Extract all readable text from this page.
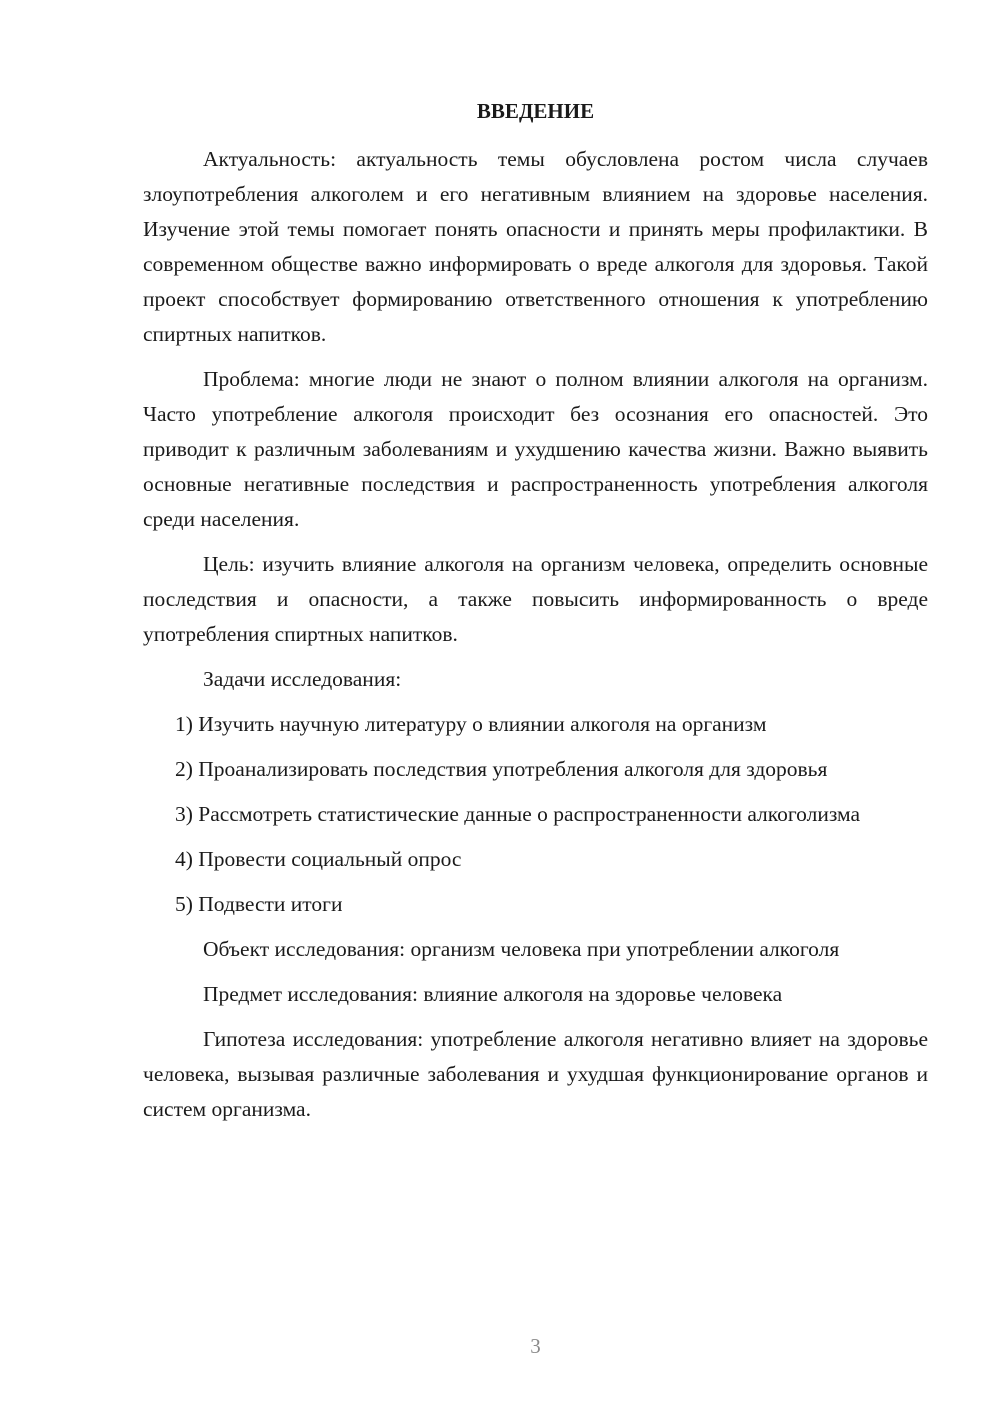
ВВЕДЕНИЕ

Актуальность: актуальность темы обусловлена ростом числа случаев злоупотребления алкоголем и его негативным влиянием на здоровье населения. Изучение этой темы помогает понять опасности и принять меры профилактики. В современном обществе важно информировать о вреде алкоголя для здоровья. Такой проект способствует формированию ответственного отношения к употреблению спиртных напитков.

Проблема: многие люди не знают о полном влиянии алкоголя на организм. Часто употребление алкоголя происходит без осознания его опасностей. Это приводит к различным заболеваниям и ухудшению качества жизни. Важно выявить основные негативные последствия и распространенность употребления алкоголя среди населения.

Цель: изучить влияние алкоголя на организм человека, определить основные последствия и опасности, а также повысить информированность о вреде употребления спиртных напитков.

Задачи исследования:

1) Изучить научную литературу о влиянии алкоголя на организм

2) Проанализировать последствия употребления алкоголя для здоровья

3) Рассмотреть статистические данные о распространенности алкоголизма

4) Провести социальный опрос

5) Подвести итоги

Объект исследования: организм человека при употреблении алкоголя

Предмет исследования: влияние алкоголя на здоровье человека

Гипотеза исследования: употребление алкоголя негативно влияет на здоровье человека, вызывая различные заболевания и ухудшая функционирование органов и систем организма.

3
